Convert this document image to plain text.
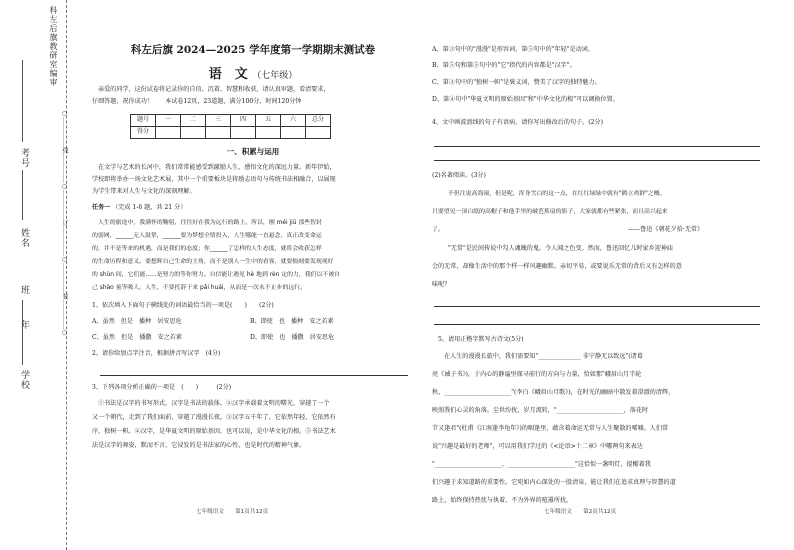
科左后旗教研室编审
学校
年
班
姓名
考号	○……………线……………○……………订……………○……………装……………○
科左后旗 2024—2025 学年度第一学期期末测试卷
语　文 （七年级）
亲爱的同学，这份试卷将记录你的自信、沉着、智慧和收获，请认真审题，看清要求，
仔细答题，祝你成功！　　本试卷12页，23道题，满分100分，时间120分钟
题号	一	二	三	四	五	六	总分
得分							
一、积累与运用
在文学与艺术的长河中，我们常常能感受到激励人生、感悟文化的深远力量。新年伊始，
学校即将举办一场文化艺术展，其中一个重要板块是将励志语句与传统书法相融合，以展现
为学生带来对人生与文化的深刻理解。
任务一 （完成 1-6 题，共 21 分）
人生的旅途中，我满怀的鞠躬，往往好在我为远行的路上。所以，刚 méi jiǔ 那些智封
的弱网，______无人鼓掌，______要为梦想全情投入，人生哪能一直悬念，真正改变命运
的，并不是等来的机遇，而是我们的态度；你______了怎样的人生态度，就将会收获怎样
的生命历程和意义。要想辉自己生命的主角，而不是别人一生中的看客，就要倘刻要发现现好
的 shùn 间，它们能......是努力的等你努力。自信能让遇见 hè 地到 rèn 定的力，我们以不被自
己 shào 量等吸人。人生，不要托辞于来 pǎi huái，从而是一次永不止步的远行。
1、依次填入下面句子横线处的词语最恰当的一项是(　　)　　(2分)
A、虽然　但是　播种　居安思危	B、即使　也　播种　安之若素
C、虽然　但是　播撒　安之若素	D、即使　也　播撒　居安思危
2、请你给加点字注音，根据拼音写汉字　(4分)
3、下列各项分析正确的一项是　(　　)　　　(2分)
①书法是汉字的书写形式，汉字是书法的载体。②汉字承载着文明的曙光，穿越了一个
又一个朝代，走到了我们面前，穿越了漫漫长夜。③汉字五千年了，它依然年轻，它依然有
序，独树一帜。④汉字，是华夏文明的原始基因，也可以说，是中华文化的根。⑤书法艺术
法是汉字的舞姿，默而不言，它浸发的是书法家的心性，也是时代的精神气象。
七年级语文　　第1页共12页
A、第③句中的"漫漫"是形容词，第⑤句中的"年轻"是动词。
B、第⑤句和第⑤句中的"它"指代的内容都是"汉字"。
C、第③句中的"独树一帜"是褒义词，赞美了汉字的独特魅力。
D、第④句中"华夏文明的原始基因"和"中华文化的根"可以调换位置。
4、文中画波浪线的句子有语病，请你写出修改后的句子。(2分)
(2)名著阅读。(3分)
不但注说高海滚，但是呢，浑身雪白的这一点，在红红绿绿中就有"鹤立鸡群"之概。
只要望见一顶白纸的高帽子和他手里的破芭蕉扇的影子，大家就都有些紧张，而且高兴起来
了。	——鲁迅《朝花夕拾·无常》
"无常"是民间传说中勾人魂魄的鬼。令人闻之色变。然而，鲁迅回忆儿时家乡迎神庙
会的无常，却像生活中的那个样一样风趣幽默。亲切平易，或要说乐无常的背后又有怎样的意
味呢？
5、请用正楷字默写古诗文(5分)
在人生的漫漫长旅中，我们需要知"______________ 非宁静无以致远"(诸葛
亮《诫子书》)，于内心的静谧里探寻前行的方向与力量，恰如那"峨眉山月半轮
秋，______________________"(李白《峨眉山月歌》)，在时光的幽暗中散发着澄澈的清辉，
映照我们心灵的角落。尘世纷扰，岁月流转，"______________________，落花时
节又逢君"(杜甫《江南逢李龟年》)的咽逢里，蕴含着命运无常与人生聚散的唏嘘。人们常
说"兴趣是最好的老师"，可以用我们学过的《<论语>十二章》中哪两句来表达
"______________________，______________________"这恰似一盏明灯，提醒着我
们兴趣于求知道路的重要性。它宛如内心深处的一股清泉，能让我们在追求真理与智慧的道
路上，始终保持热忱与执着，不为外界的喧嚣所扰。
七年级语文　　第2页共12页
